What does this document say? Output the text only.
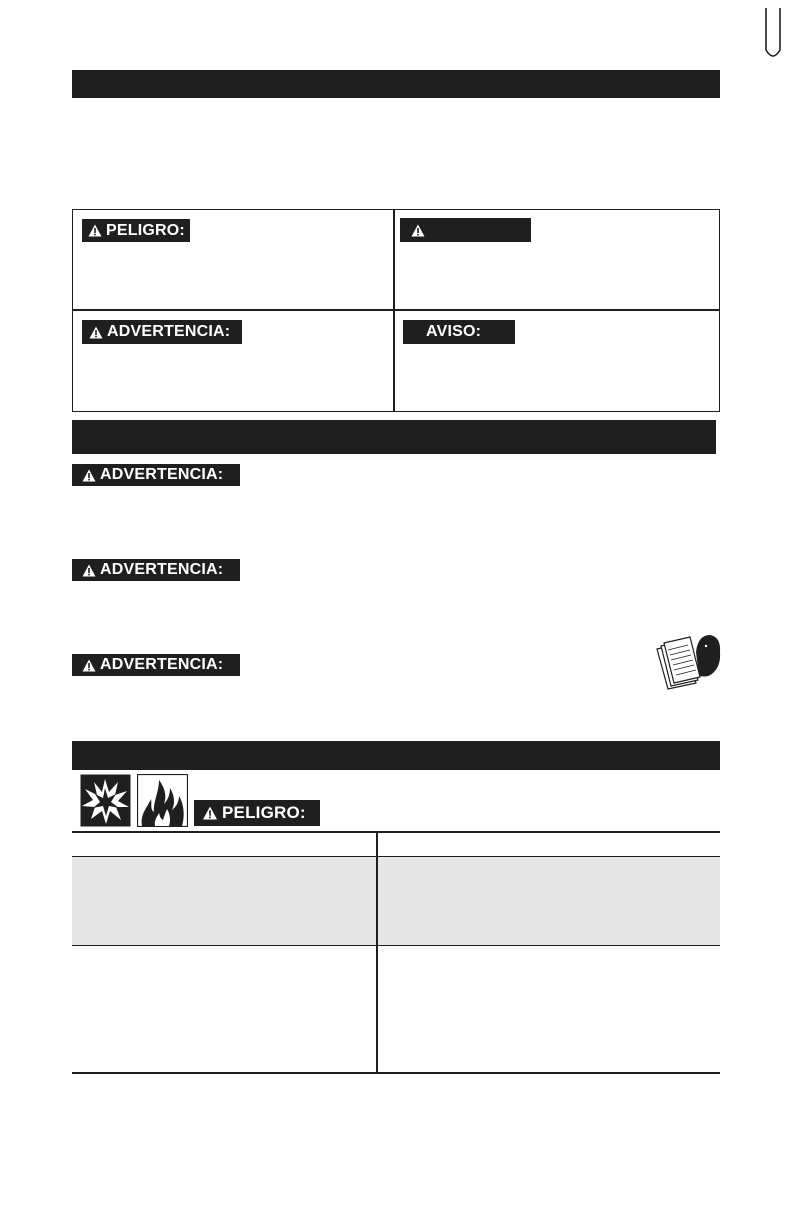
PELIGRO:
ADVERTENCIA:	AVISO:
ADVERTENCIA:
ADVERTENCIA:
ADVERTENCIA:
PELIGRO:
